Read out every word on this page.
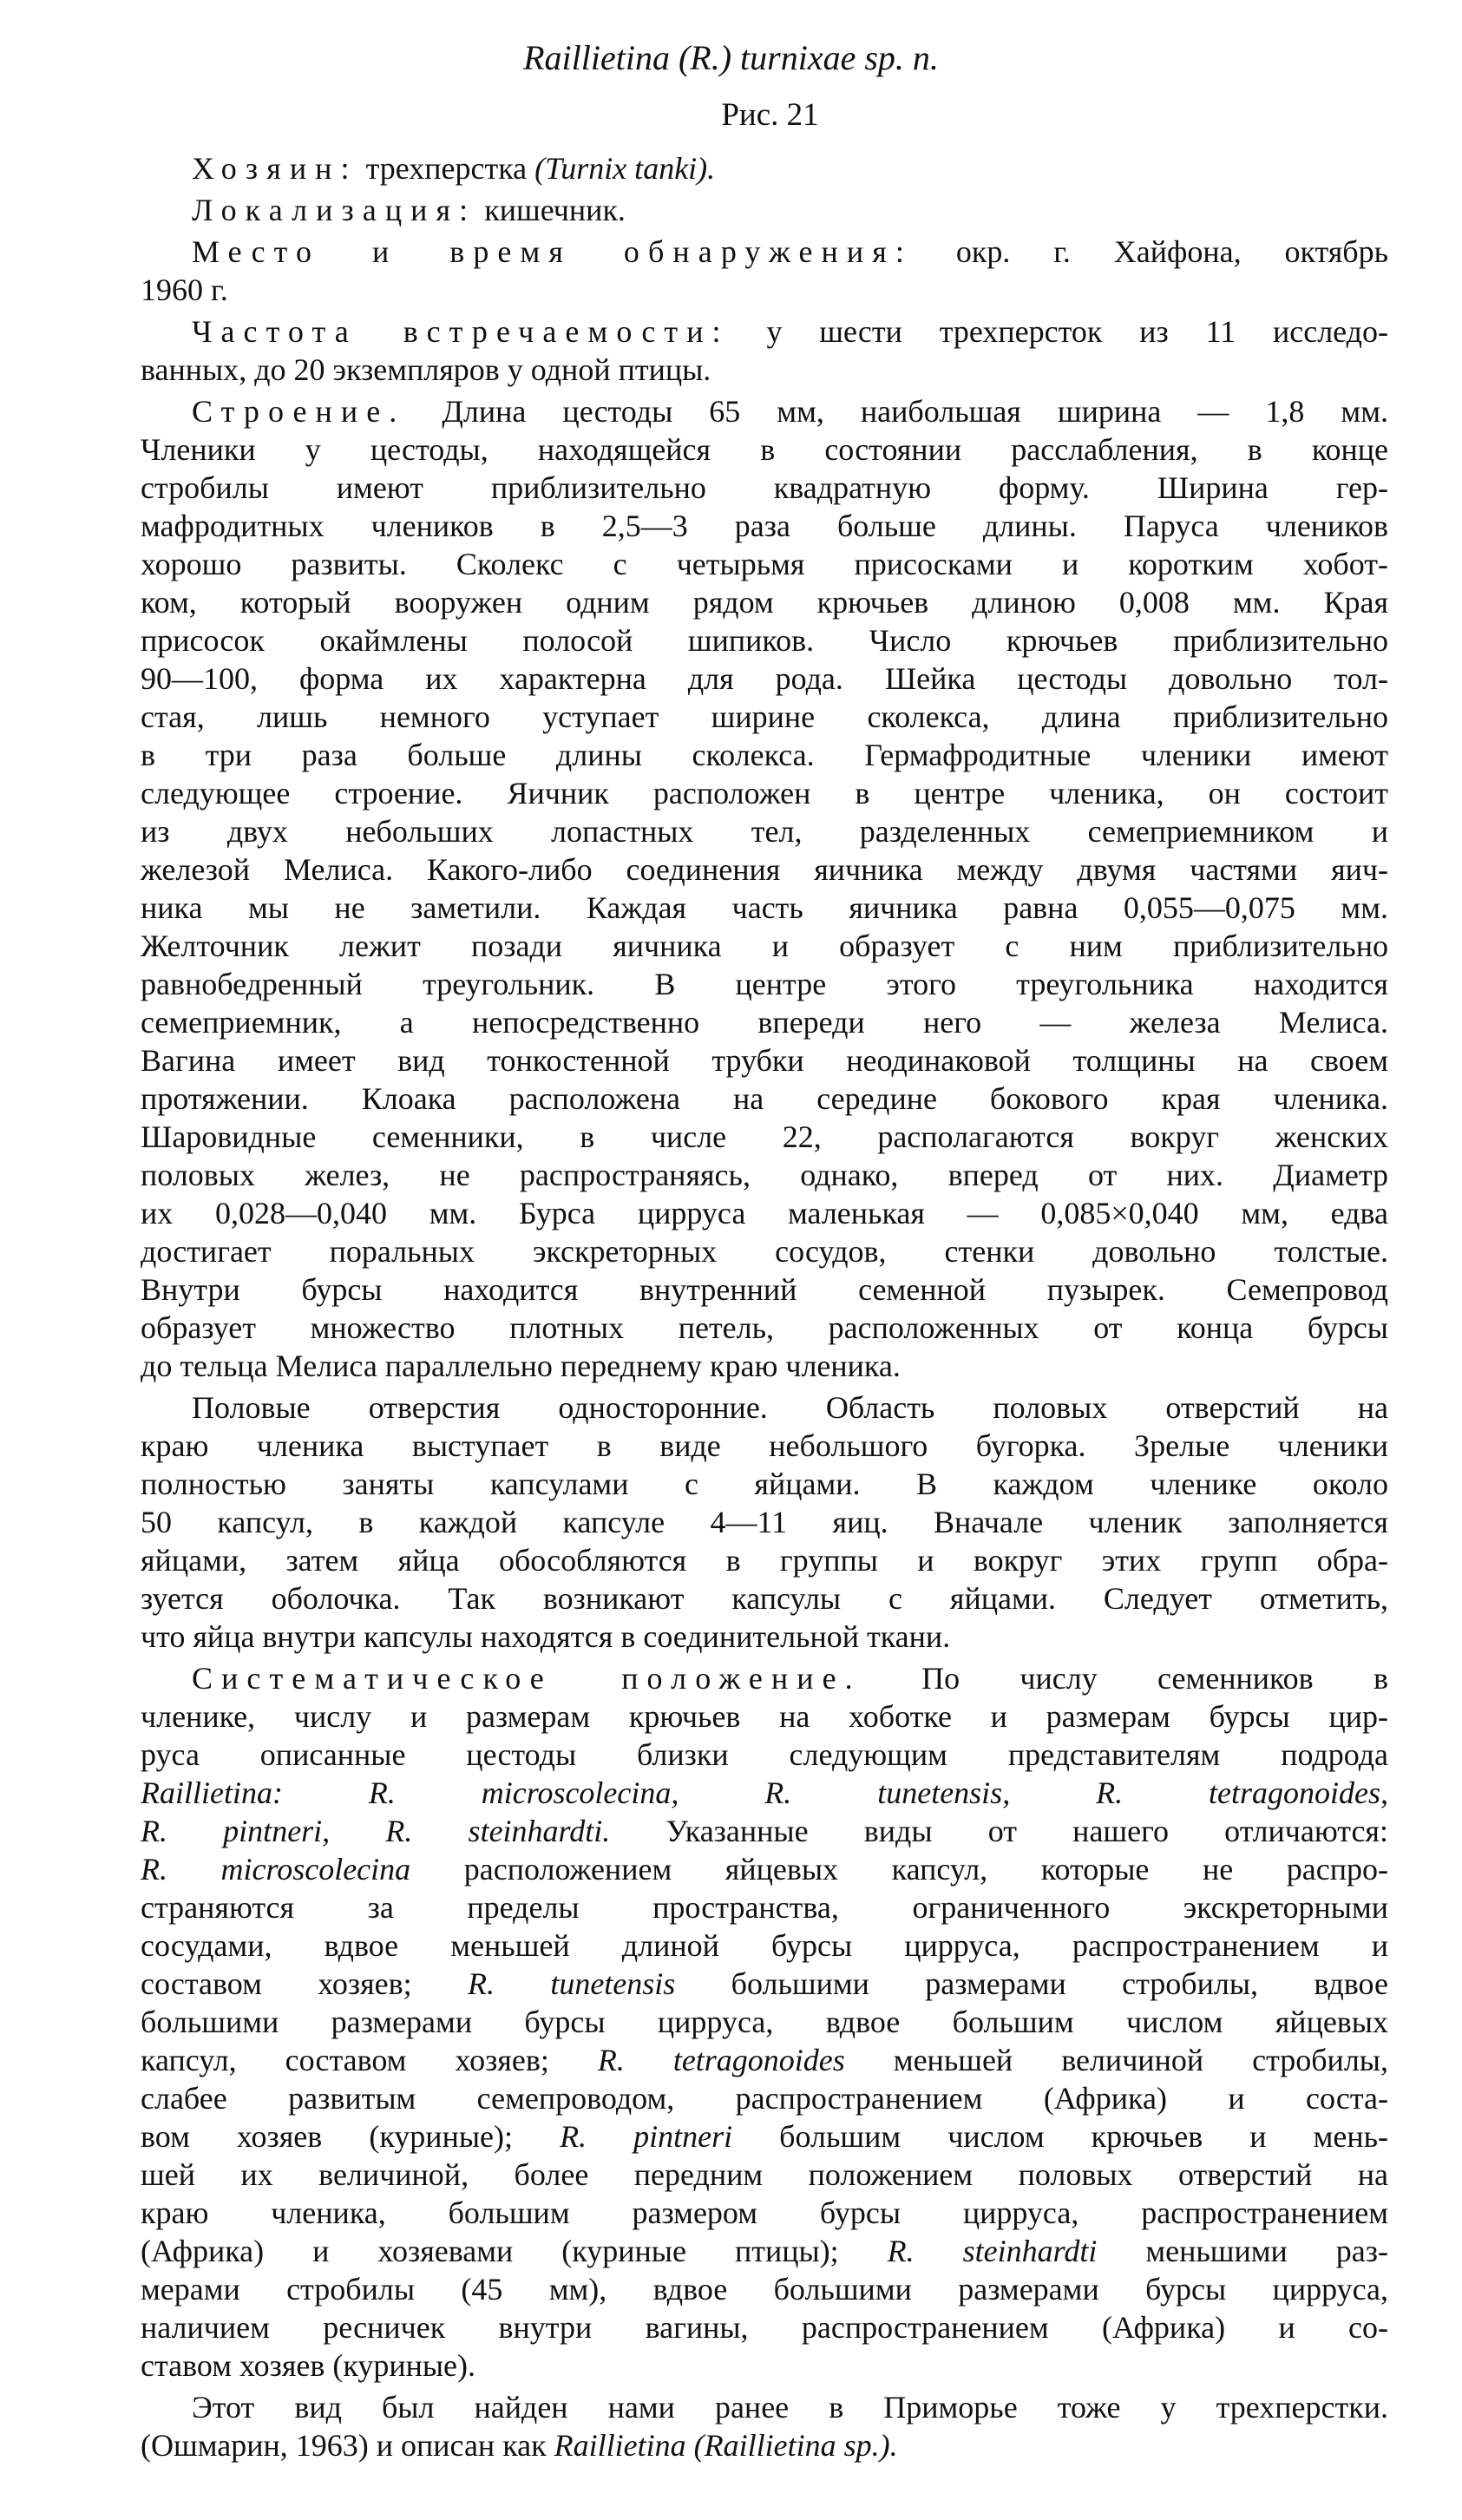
Raillietina (R.) turnixae sp. n.
Рис. 21
Хозяин: трехперстка (Turnix tanki).
Локализация: кишечник.
Место и время обнаружения: окр. г. Хайфона, октябрь
1960 г.
Частота встречаемости: у шести трехперсток из 11 исследо-
ванных, до 20 экземпляров у одной птицы.
Строение. Длина цестоды 65 мм, наибольшая ширина — 1,8 мм.
Членики у цестоды, находящейся в состоянии расслабления, в конце
стробилы имеют приблизительно квадратную форму. Ширина гер-
мафродитных члеников в 2,5—3 раза больше длины. Паруса члеников
хорошо развиты. Сколекс с четырьмя присосками и коротким хобот-
ком, который вооружен одним рядом крючьев длиною 0,008 мм. Края
присосок окаймлены полосой шипиков. Число крючьев приблизительно
90—100, форма их характерна для рода. Шейка цестоды довольно тол-
стая, лишь немного уступает ширине сколекса, длина приблизительно
в три раза больше длины сколекса. Гермафродитные членики имеют
следующее строение. Яичник расположен в центре членика, он состоит
из двух небольших лопастных тел, разделенных семеприемником и
железой Мелиса. Какого-либо соединения яичника между двумя частями яич-
ника мы не заметили. Каждая часть яичника равна 0,055—0,075 мм.
Желточник лежит позади яичника и образует с ним приблизительно
равнобедренный треугольник. В центре этого треугольника находится
семеприемник, а непосредственно впереди него — железа Мелиса.
Вагина имеет вид тонкостенной трубки неодинаковой толщины на своем
протяжении. Клоака расположена на середине бокового края членика.
Шаровидные семенники, в числе 22, располагаются вокруг женских
половых желез, не распространяясь, однако, вперед от них. Диаметр
их 0,028—0,040 мм. Бурса цирруса маленькая — 0,085×0,040 мм, едва
достигает поральных экскреторных сосудов, стенки довольно толстые.
Внутри бурсы находится внутренний семенной пузырек. Семепровод
образует множество плотных петель, расположенных от конца бурсы
до тельца Мелиса параллельно переднему краю членика.
Половые отверстия односторонние. Область половых отверстий на
краю членика выступает в виде небольшого бугорка. Зрелые членики
полностью заняты капсулами с яйцами. В каждом членике около
50 капсул, в каждой капсуле 4—11 яиц. Вначале членик заполняется
яйцами, затем яйца обособляются в группы и вокруг этих групп обра-
зуется оболочка. Так возникают капсулы с яйцами. Следует отметить,
что яйца внутри капсулы находятся в соединительной ткани.
Систематическое положение. По числу семенников в
членике, числу и размерам крючьев на хоботке и размерам бурсы цир-
руса описанные цестоды близки следующим представителям подрода
Raillietina: R. microscolecina, R. tunetensis, R. tetragonoides,
R. pintneri, R. steinhardti. Указанные виды от нашего отличаются:
R. microscolecina расположением яйцевых капсул, которые не распро-
страняются за пределы пространства, ограниченного экскреторными
сосудами, вдвое меньшей длиной бурсы цирруса, распространением и
составом хозяев; R. tunetensis большими размерами стробилы, вдвое
большими размерами бурсы цирруса, вдвое большим числом яйцевых
капсул, составом хозяев; R. tetragonoides меньшей величиной стробилы,
слабее развитым семепроводом, распространением (Африка) и соста-
вом хозяев (куриные); R. pintneri большим числом крючьев и мень-
шей их величиной, более передним положением половых отверстий на
краю членика, большим размером бурсы цирруса, распространением
(Африка) и хозяевами (куриные птицы); R. steinhardti меньшими раз-
мерами стробилы (45 мм), вдвое большими размерами бурсы цирруса,
наличием ресничек внутри вагины, распространением (Африка) и со-
ставом хозяев (куриные).
Этот вид был найден нами ранее в Приморье тоже у трехперстки.
(Ошмарин, 1963) и описан как Raillietina (Raillietina sp.).
